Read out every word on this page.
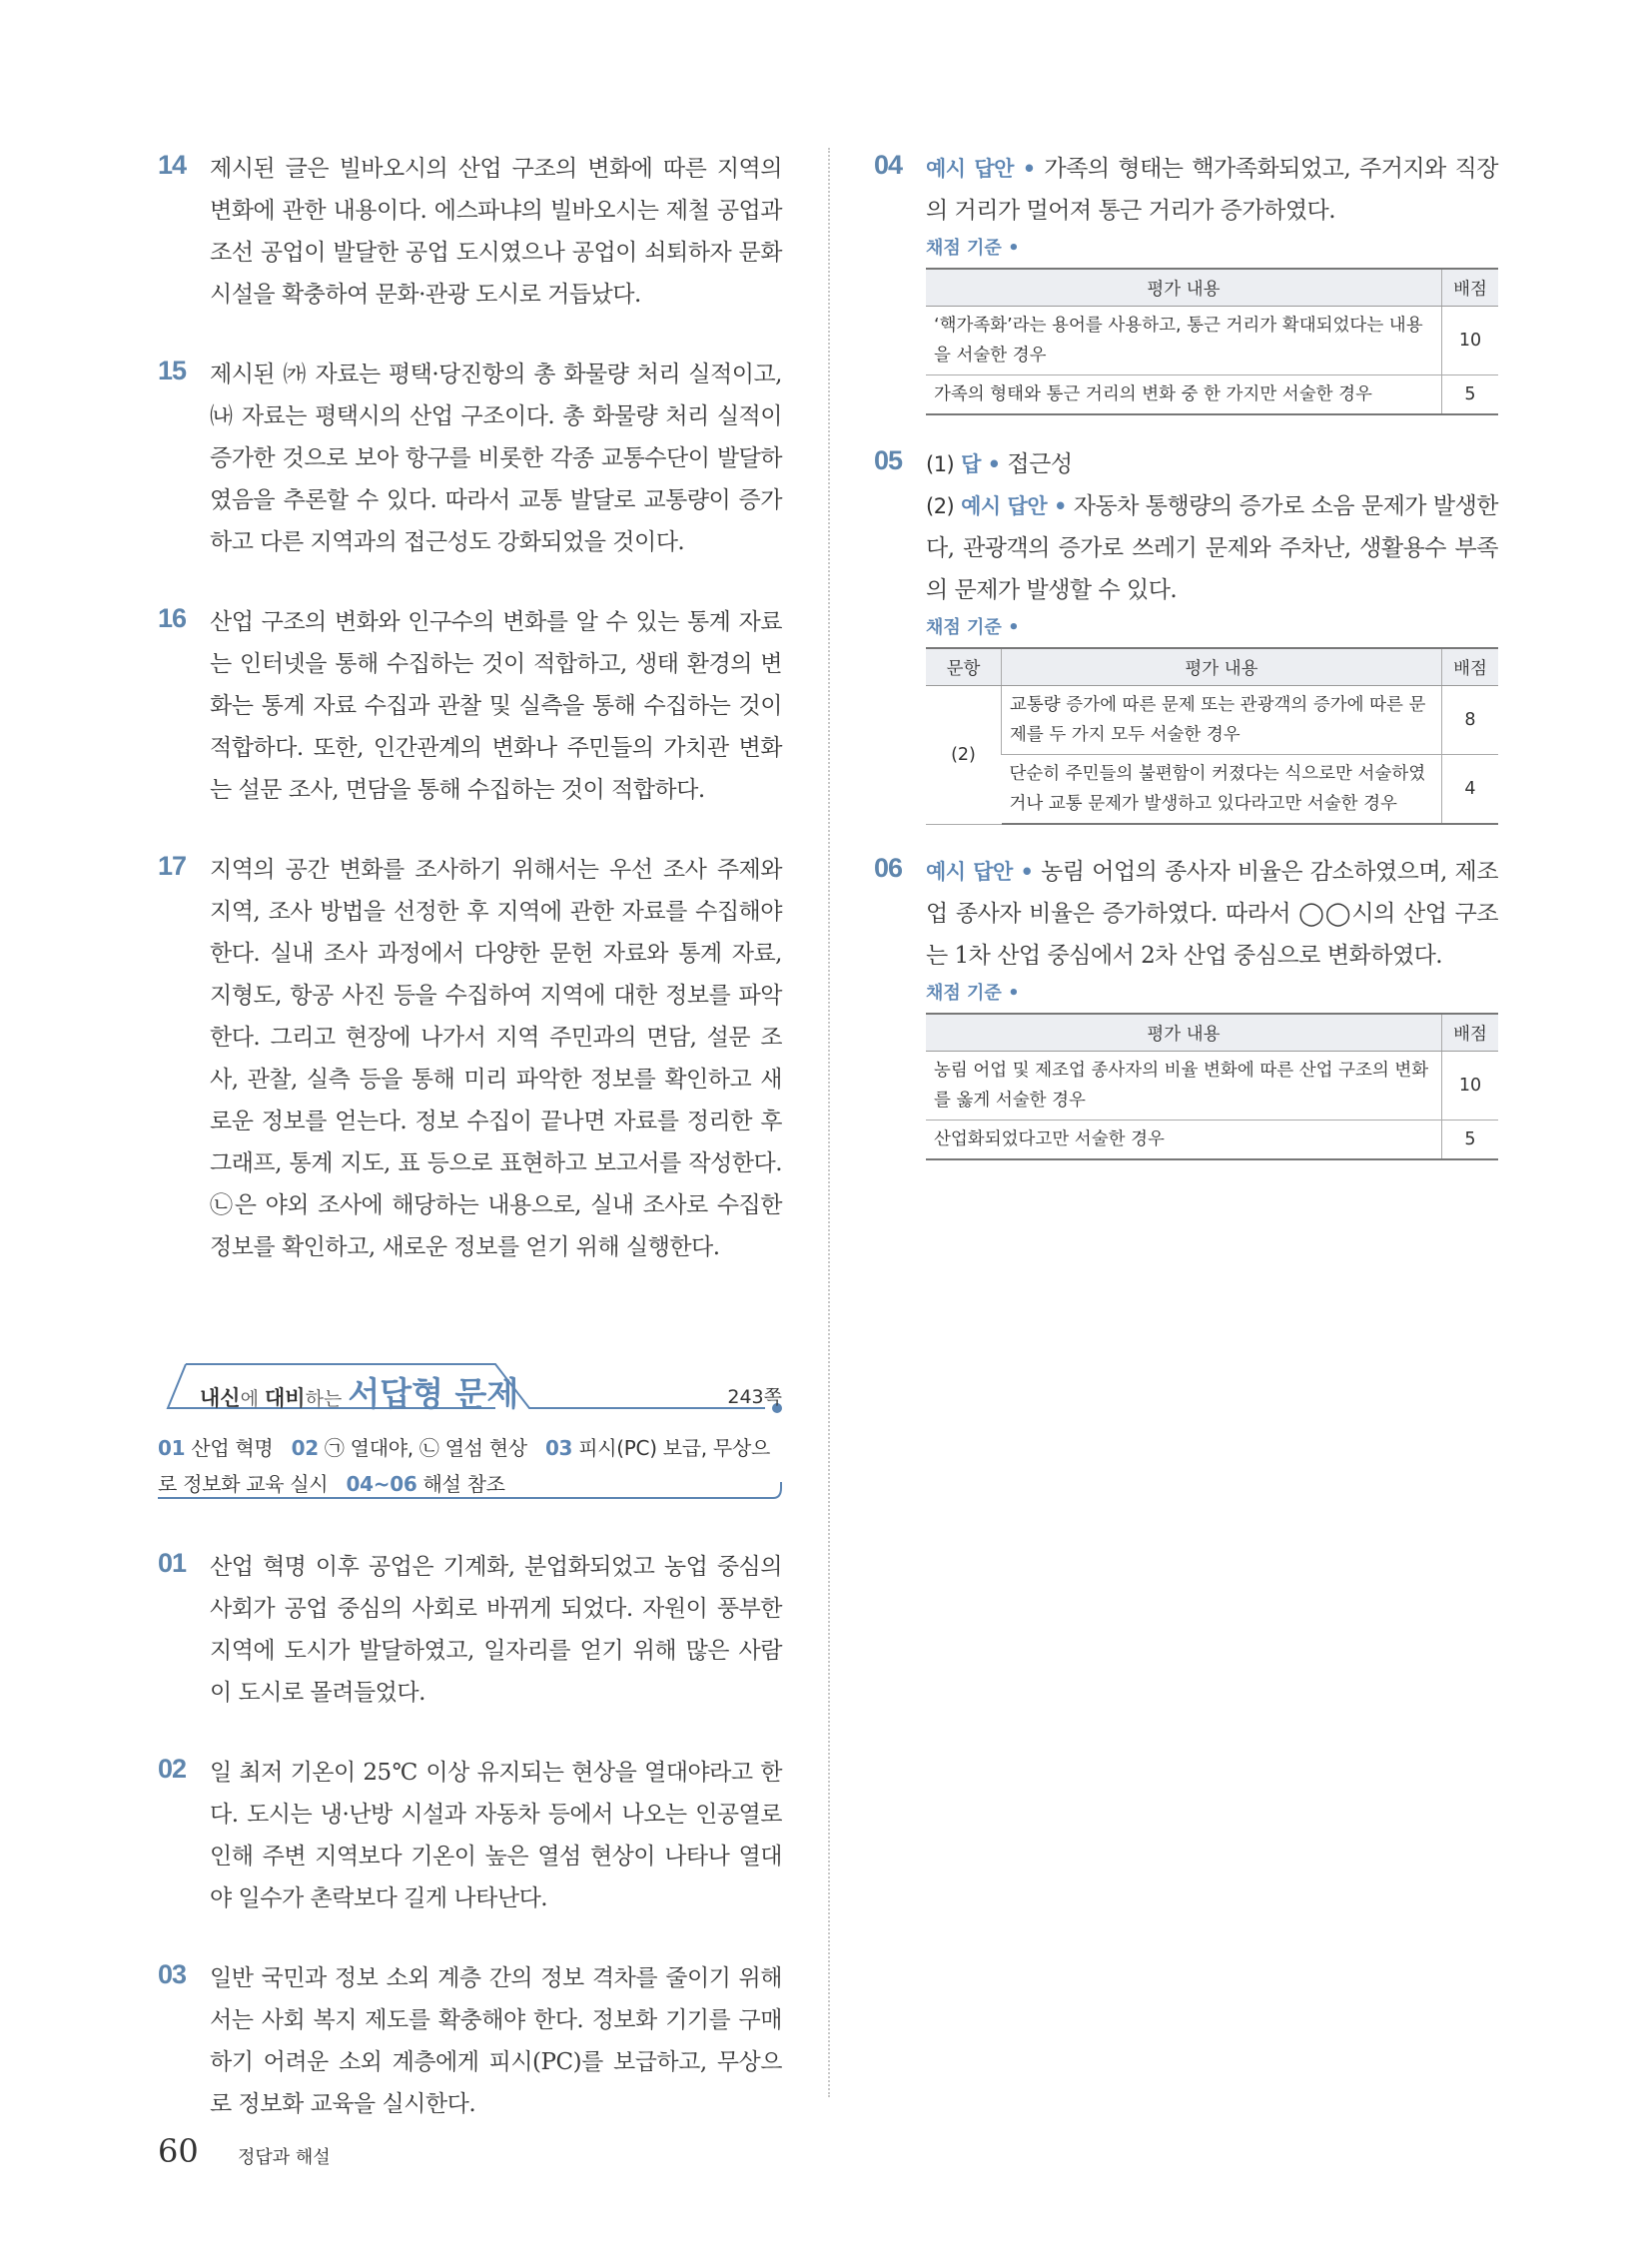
14 제시된 글은 빌바오시의 산업 구조의 변화에 따른 지역의 변화에 관한 내용이다. 에스파냐의 빌바오시는 제철 공업과 조선 공업이 발달한 공업 도시였으나 공업이 쇠퇴하자 문화 시설을 확충하여 문화·관광 도시로 거듭났다.
15 제시된 ㈎ 자료는 평택·당진항의 총 화물량 처리 실적이고, ㈏ 자료는 평택시의 산업 구조이다. 총 화물량 처리 실적이 증가한 것으로 보아 항구를 비롯한 각종 교통수단이 발달하였음을 추론할 수 있다. 따라서 교통 발달로 교통량이 증가하고 다른 지역과의 접근성도 강화되었을 것이다.
16 산업 구조의 변화와 인구수의 변화를 알 수 있는 통계 자료는 인터넷을 통해 수집하는 것이 적합하고, 생태 환경의 변화는 통계 자료 수집과 관찰 및 실측을 통해 수집하는 것이 적합하다. 또한, 인간관계의 변화나 주민들의 가치관 변화는 설문 조사, 면담을 통해 수집하는 것이 적합하다.
17 지역의 공간 변화를 조사하기 위해서는 우선 조사 주제와 지역, 조사 방법을 선정한 후 지역에 관한 자료를 수집해야 한다. 실내 조사 과정에서 다양한 문헌 자료와 통계 자료, 지형도, 항공 사진 등을 수집하여 지역에 대한 정보를 파악한다. 그리고 현장에 나가서 지역 주민과의 면담, 설문 조사, 관찰, 실측 등을 통해 미리 파악한 정보를 확인하고 새로운 정보를 얻는다. 정보 수집이 끝나면 자료를 정리한 후 그래프, 통계 지도, 표 등으로 표현하고 보고서를 작성한다. ㉡은 야외 조사에 해당하는 내용으로, 실내 조사로 수집한 정보를 확인하고, 새로운 정보를 얻기 위해 실행한다.
내신에 대비하는 서답형 문제	243쪽
01 산업 혁명 02 ㉠ 열대야, ㉡ 열섬 현상 03 피시(PC) 보급, 무상으로 정보화 교육 실시 04~06 해설 참조
01 산업 혁명 이후 공업은 기계화, 분업화되었고 농업 중심의 사회가 공업 중심의 사회로 바뀌게 되었다. 자원이 풍부한 지역에 도시가 발달하였고, 일자리를 얻기 위해 많은 사람이 도시로 몰려들었다.
02 일 최저 기온이 25℃ 이상 유지되는 현상을 열대야라고 한다. 도시는 냉·난방 시설과 자동차 등에서 나오는 인공열로 인해 주변 지역보다 기온이 높은 열섬 현상이 나타나 열대야 일수가 촌락보다 길게 나타난다.
03 일반 국민과 정보 소외 계층 간의 정보 격차를 줄이기 위해서는 사회 복지 제도를 확충해야 한다. 정보화 기기를 구매하기 어려운 소외 계층에게 피시(PC)를 보급하고, 무상으로 정보화 교육을 실시한다.
04 예시 답안 • 가족의 형태는 핵가족화되었고, 주거지와 직장의 거리가 멀어져 통근 거리가 증가하였다.
채점 기준 •
평가 내용	배점
‘핵가족화’라는 용어를 사용하고, 통근 거리가 확대되었다는 내용을 서술한 경우	10
가족의 형태와 통근 거리의 변화 중 한 가지만 서술한 경우	5
05 (1) 답 • 접근성
(2) 예시 답안 • 자동차 통행량의 증가로 소음 문제가 발생한다, 관광객의 증가로 쓰레기 문제와 주차난, 생활용수 부족의 문제가 발생할 수 있다.
채점 기준 •
문항	평가 내용	배점
(2)	교통량 증가에 따른 문제 또는 관광객의 증가에 따른 문제를 두 가지 모두 서술한 경우	8
	단순히 주민들의 불편함이 커졌다는 식으로만 서술하였거나 교통 문제가 발생하고 있다라고만 서술한 경우	4
06 예시 답안 • 농림 어업의 종사자 비율은 감소하였으며, 제조업 종사자 비율은 증가하였다. 따라서 ◯◯시의 산업 구조는 1차 산업 중심에서 2차 산업 중심으로 변화하였다.
채점 기준 •
평가 내용	배점
농림 어업 및 제조업 종사자의 비율 변화에 따른 산업 구조의 변화를 옳게 서술한 경우	10
산업화되었다고만 서술한 경우	5
60 정답과 해설
